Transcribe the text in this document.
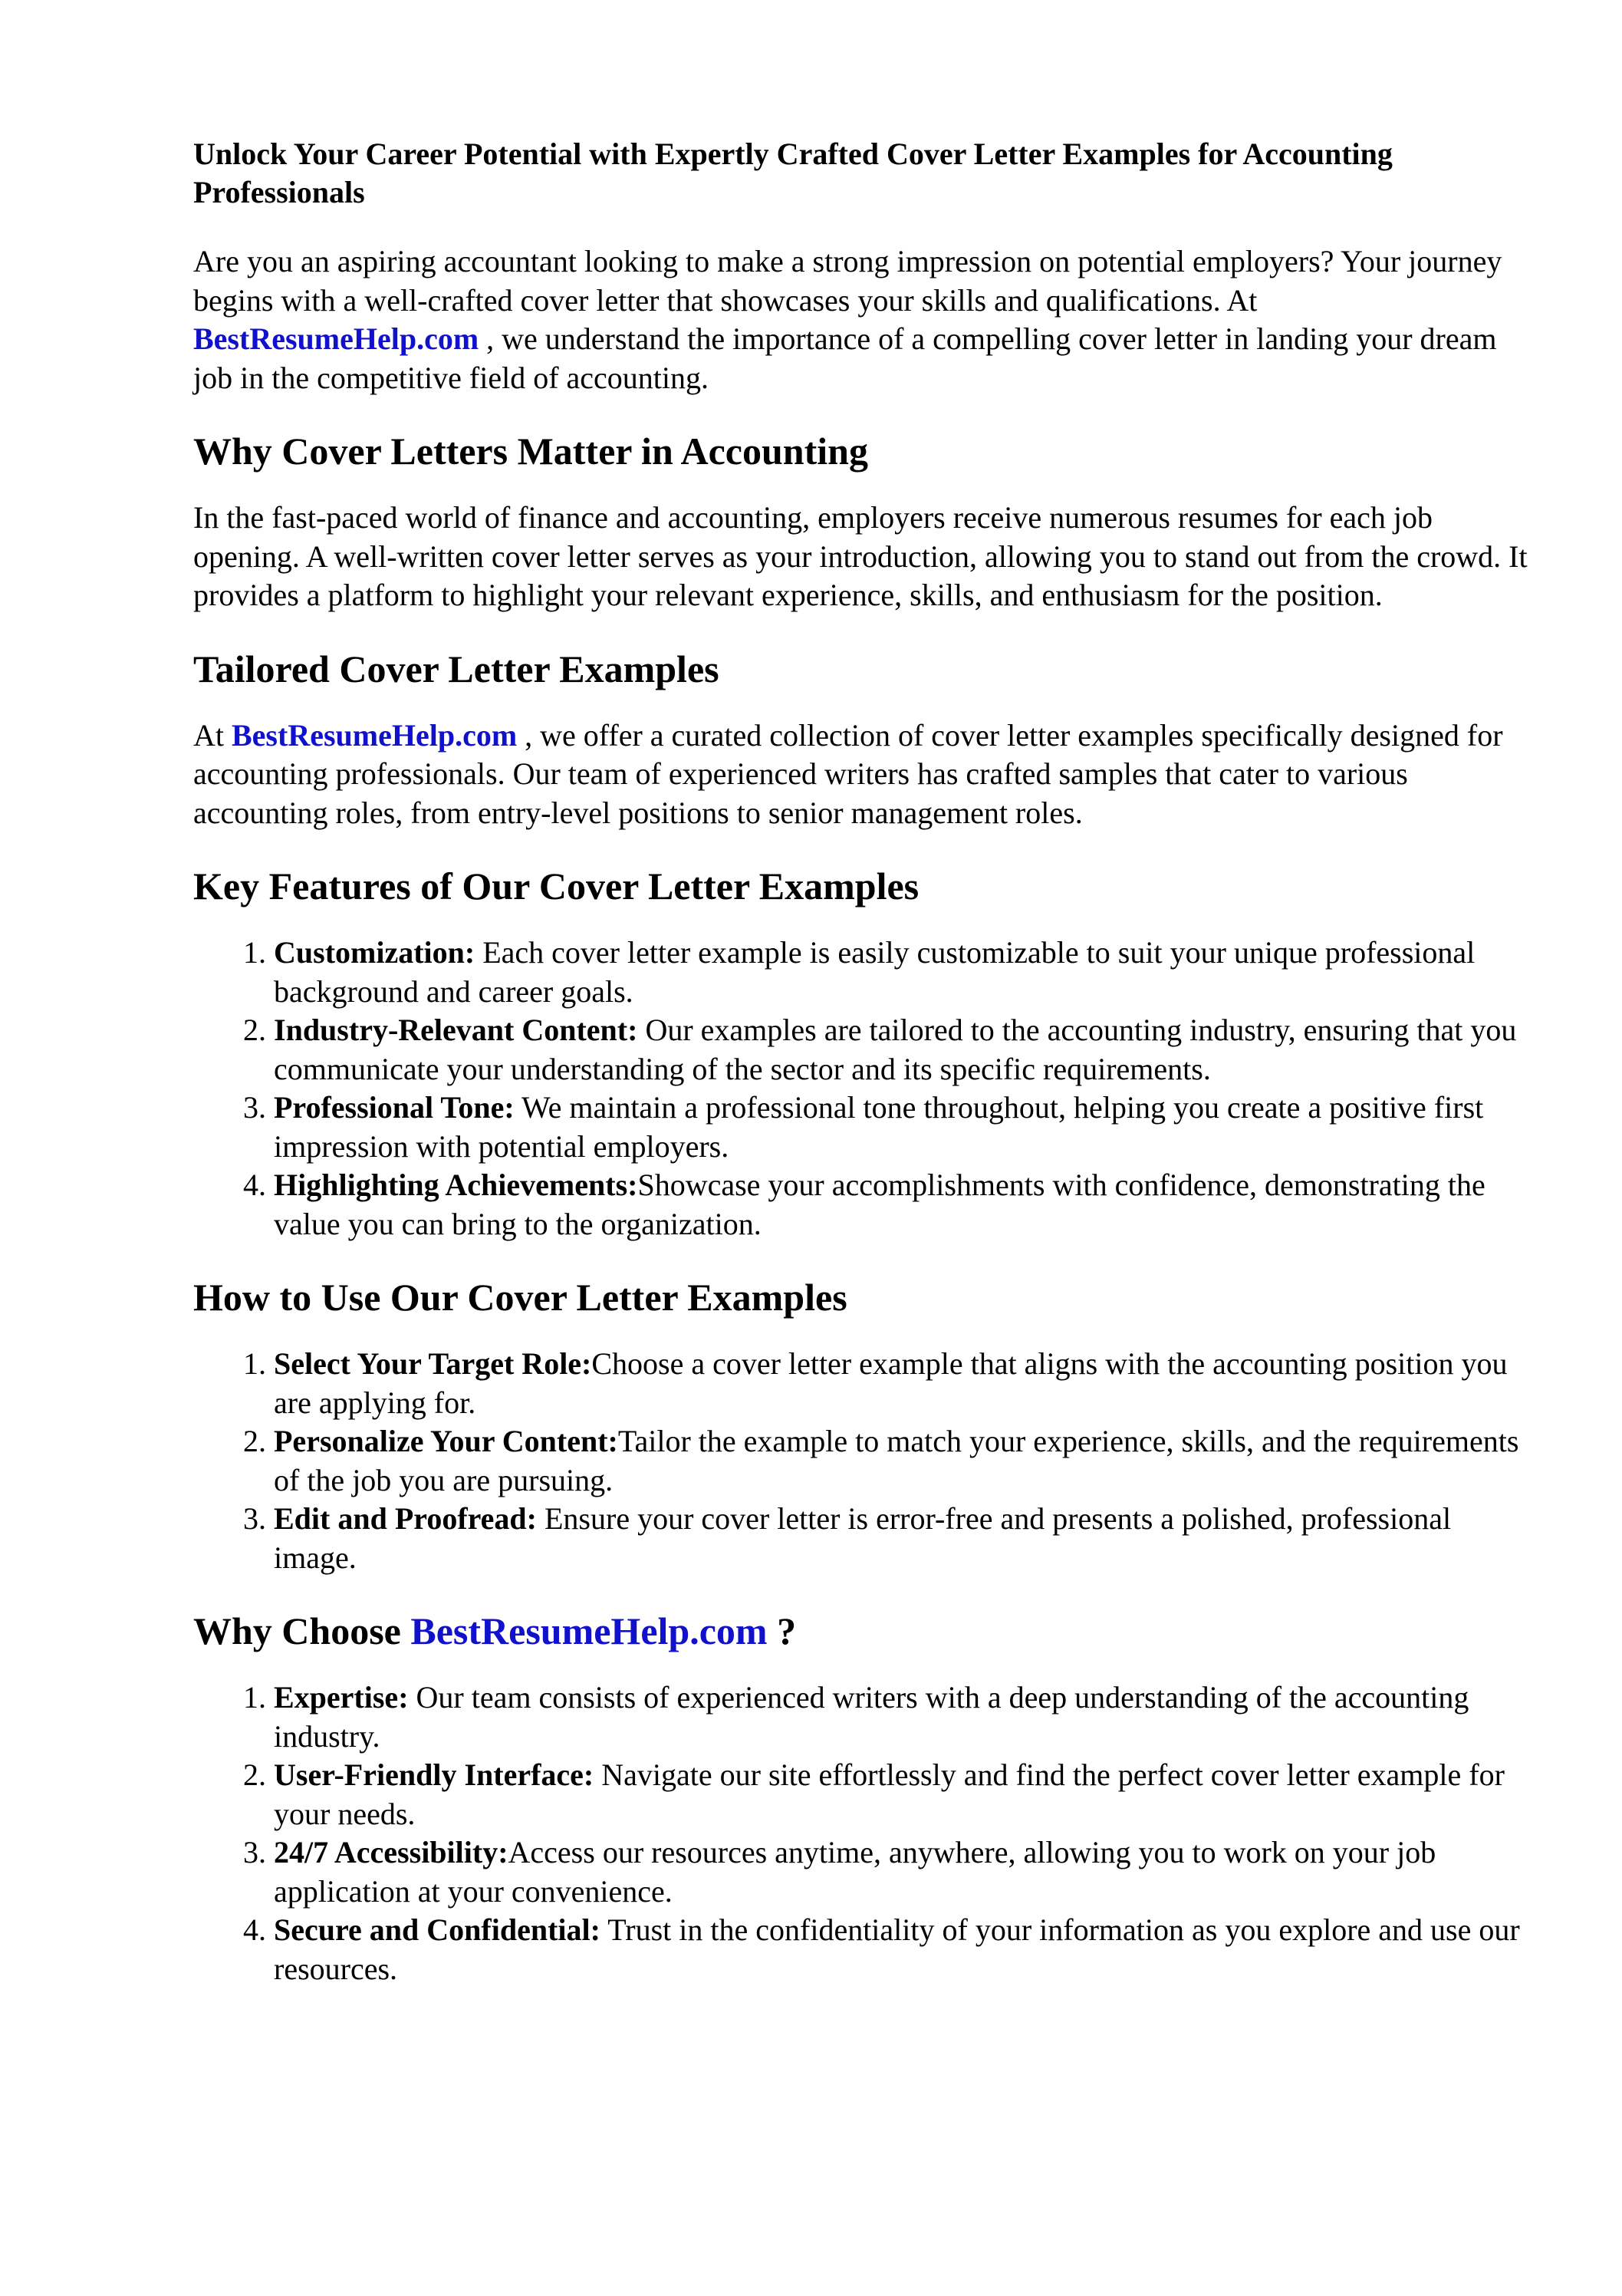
Unlock Your Career Potential with Expertly Crafted Cover Letter Examples for Accounting Professionals

Are you an aspiring accountant looking to make a strong impression on potential employers? Your journey begins with a well-crafted cover letter that showcases your skills and qualifications. At BestResumeHelp.com , we understand the importance of a compelling cover letter in landing your dream job in the competitive field of accounting.

Why Cover Letters Matter in Accounting

In the fast-paced world of finance and accounting, employers receive numerous resumes for each job opening. A well-written cover letter serves as your introduction, allowing you to stand out from the crowd. It provides a platform to highlight your relevant experience, skills, and enthusiasm for the position.

Tailored Cover Letter Examples

At BestResumeHelp.com , we offer a curated collection of cover letter examples specifically designed for accounting professionals. Our team of experienced writers has crafted samples that cater to various accounting roles, from entry-level positions to senior management roles.

Key Features of Our Cover Letter Examples
1. Customization: Each cover letter example is easily customizable to suit your unique professional background and career goals.
2. Industry-Relevant Content: Our examples are tailored to the accounting industry, ensuring that you communicate your understanding of the sector and its specific requirements.
3. Professional Tone: We maintain a professional tone throughout, helping you create a positive first impression with potential employers.
4. Highlighting Achievements:Showcase your accomplishments with confidence, demonstrating the value you can bring to the organization.
How to Use Our Cover Letter Examples
1. Select Your Target Role:Choose a cover letter example that aligns with the accounting position you are applying for.
2. Personalize Your Content:Tailor the example to match your experience, skills, and the requirements of the job you are pursuing.
3. Edit and Proofread: Ensure your cover letter is error-free and presents a polished, professional image.
Why Choose BestResumeHelp.com ?
1. Expertise: Our team consists of experienced writers with a deep understanding of the accounting industry.
2. User-Friendly Interface: Navigate our site effortlessly and find the perfect cover letter example for your needs.
3. 24/7 Accessibility:Access our resources anytime, anywhere, allowing you to work on your job application at your convenience.
4. Secure and Confidential: Trust in the confidentiality of your information as you explore and use our resources.
